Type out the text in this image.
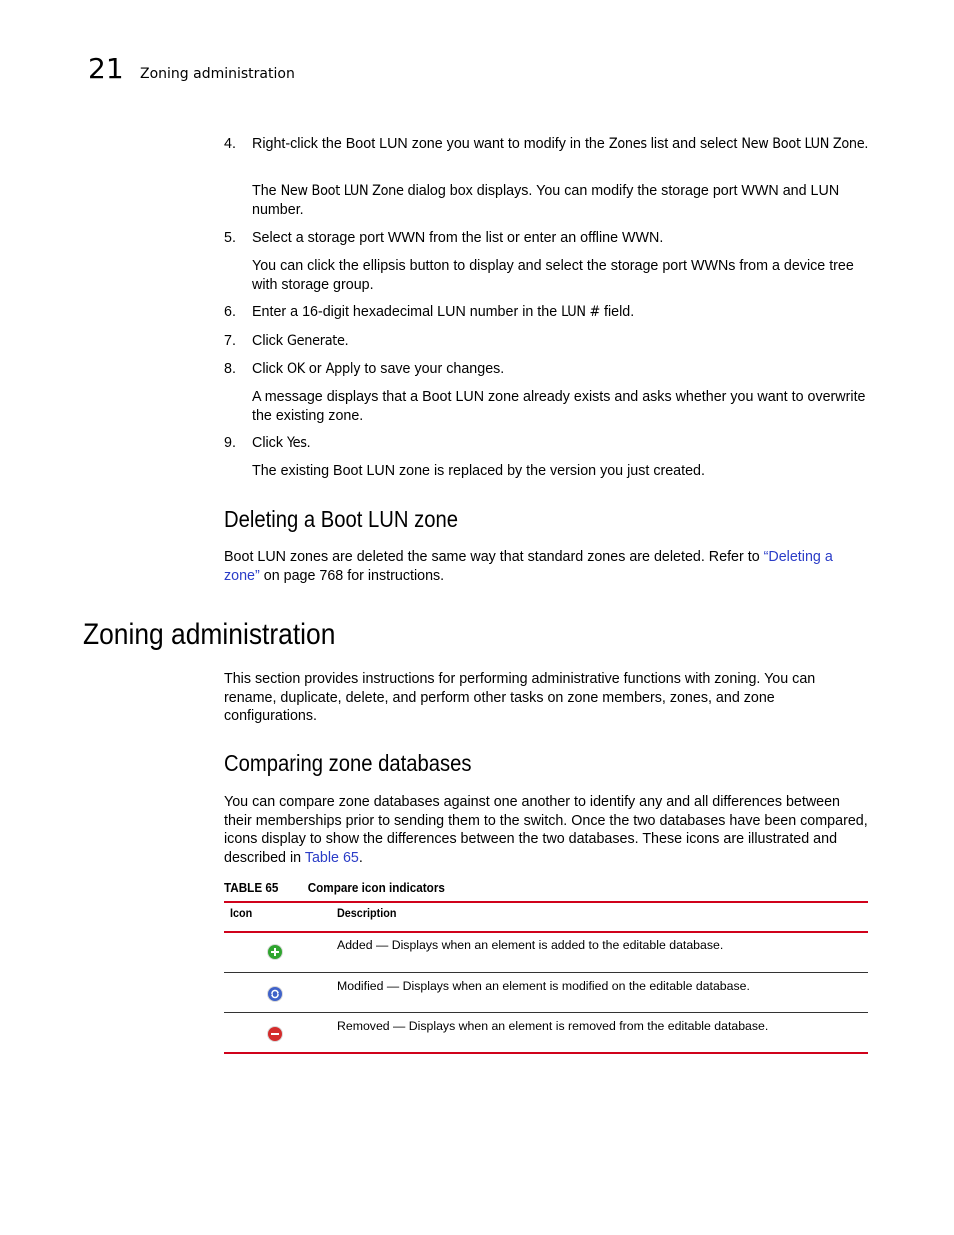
21 Zoning administration
4.	Right-click the Boot LUN zone you want to modify in the Zones list and select New Boot LUN Zone.
The New Boot LUN Zone dialog box displays. You can modify the storage port WWN and LUN number.
5.	Select a storage port WWN from the list or enter an offline WWN.
You can click the ellipsis button to display and select the storage port WWNs from a device tree with storage group.
6.	Enter a 16-digit hexadecimal LUN number in the LUN # field.
7.	Click Generate.
8.	Click OK or Apply to save your changes.
A message displays that a Boot LUN zone already exists and asks whether you want to overwrite the existing zone.
9.	Click Yes.
The existing Boot LUN zone is replaced by the version you just created.
Deleting a Boot LUN zone
Boot LUN zones are deleted the same way that standard zones are deleted. Refer to “Deleting a zone” on page 768 for instructions.
Zoning administration
This section provides instructions for performing administrative functions with zoning. You can rename, duplicate, delete, and perform other tasks on zone members, zones, and zone configurations.
Comparing zone databases
You can compare zone databases against one another to identify any and all differences between their memberships prior to sending them to the switch. Once the two databases have been compared, icons display to show the differences between the two databases. These icons are illustrated and described in Table 65.
TABLE 65 Compare icon indicators
Icon	Description
Added — Displays when an element is added to the editable database.
Modified — Displays when an element is modified on the editable database.
Removed — Displays when an element is removed from the editable database.
